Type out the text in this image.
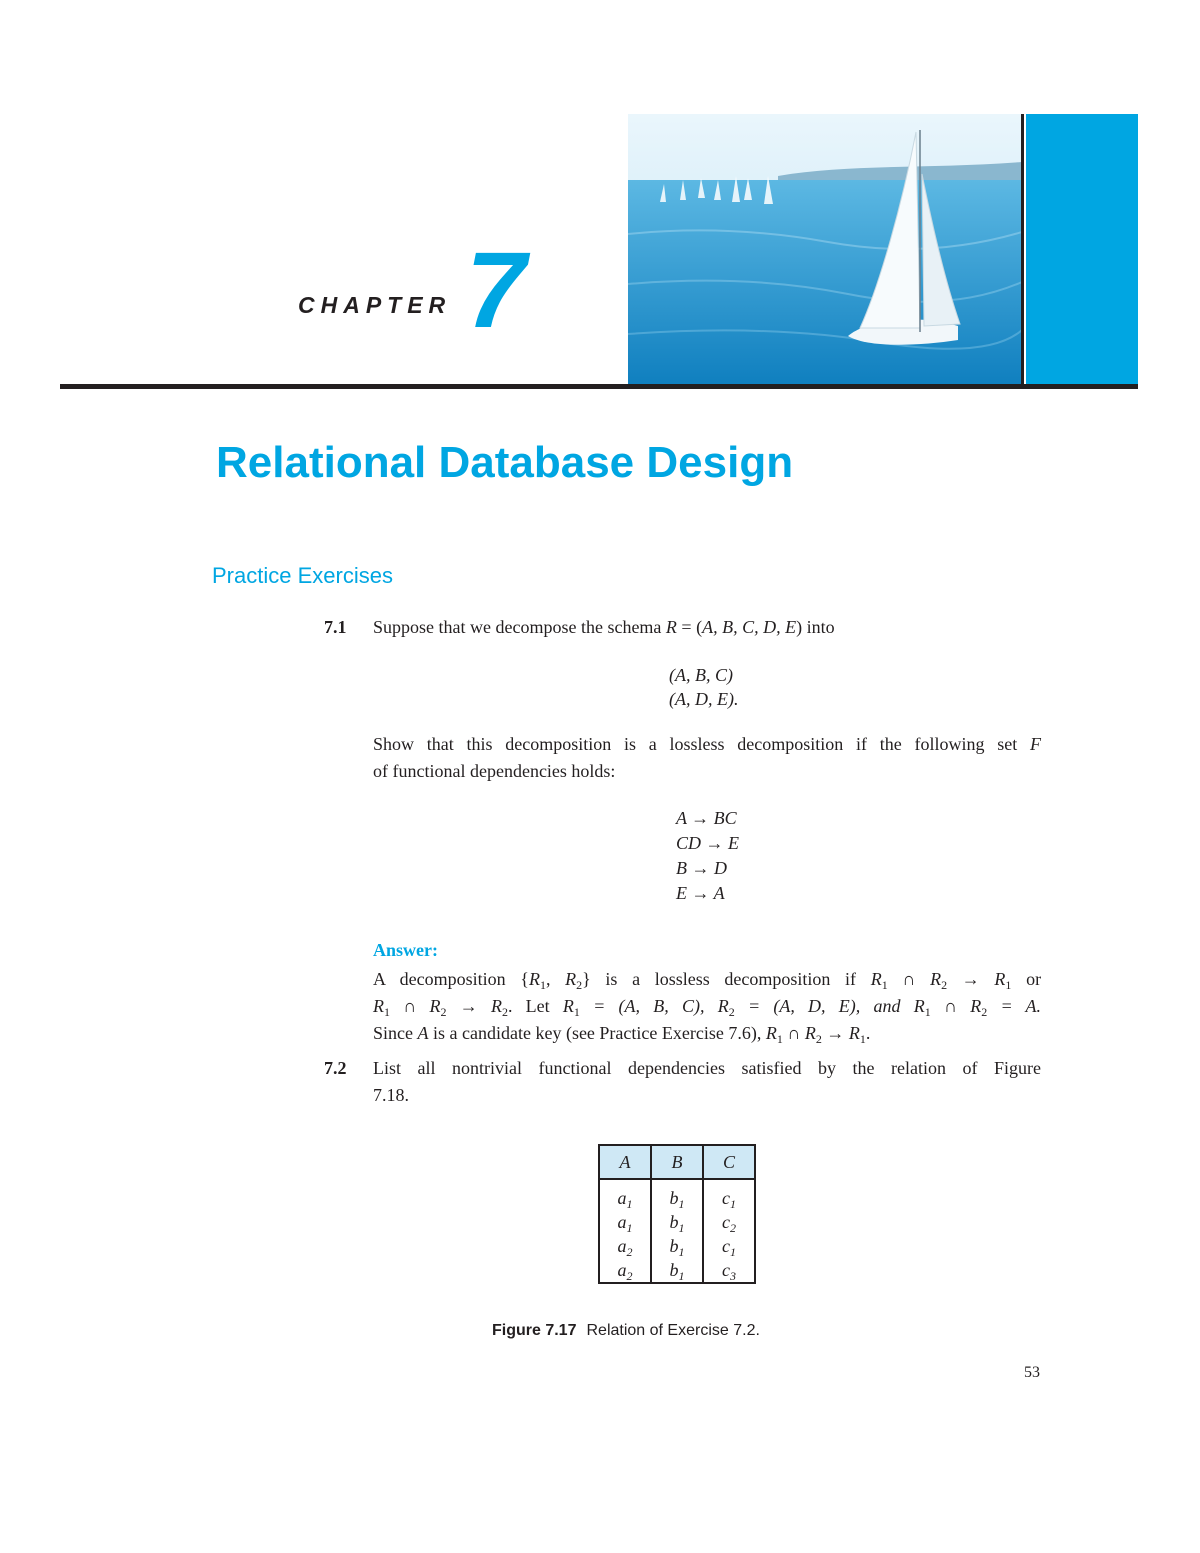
CHAPTER 7
Relational Database Design
Practice Exercises
7.1 Suppose that we decompose the schema R = (A, B, C, D, E) into
(A, B, C)
(A, D, E).
Show that this decomposition is a lossless decomposition if the following set F
of functional dependencies holds:
A → BC
CD → E
B → D
E → A
Answer:
A decomposition {$R_1$, $R_2$} is a lossless decomposition if $R_1$ ∩ $R_2 \to R_1$ or
$R_1$ ∩ $R_2 \to R_2$. Let $R_1 = (A$, B, C), $R_2 = (A$, D, E), and $R_1$ ∩ $R_2 = A$.
Since A is a candidate key (see Practice Exercise 7.6), $R_1$ ∩ $R_2 \to R_1$.
7.2 List all nontrivial functional dependencies satisfied by the relation of Figure
7.18.
A	B	C

$a_1$	$b_1$	$c_1$
$a_1$	$b_1$	$c_2$
$a_2$	$b_1$	$c_1$
$a_2$	$b_1$	$c_3$
Figure 7.17 Relation of Exercise 7.2.
53
